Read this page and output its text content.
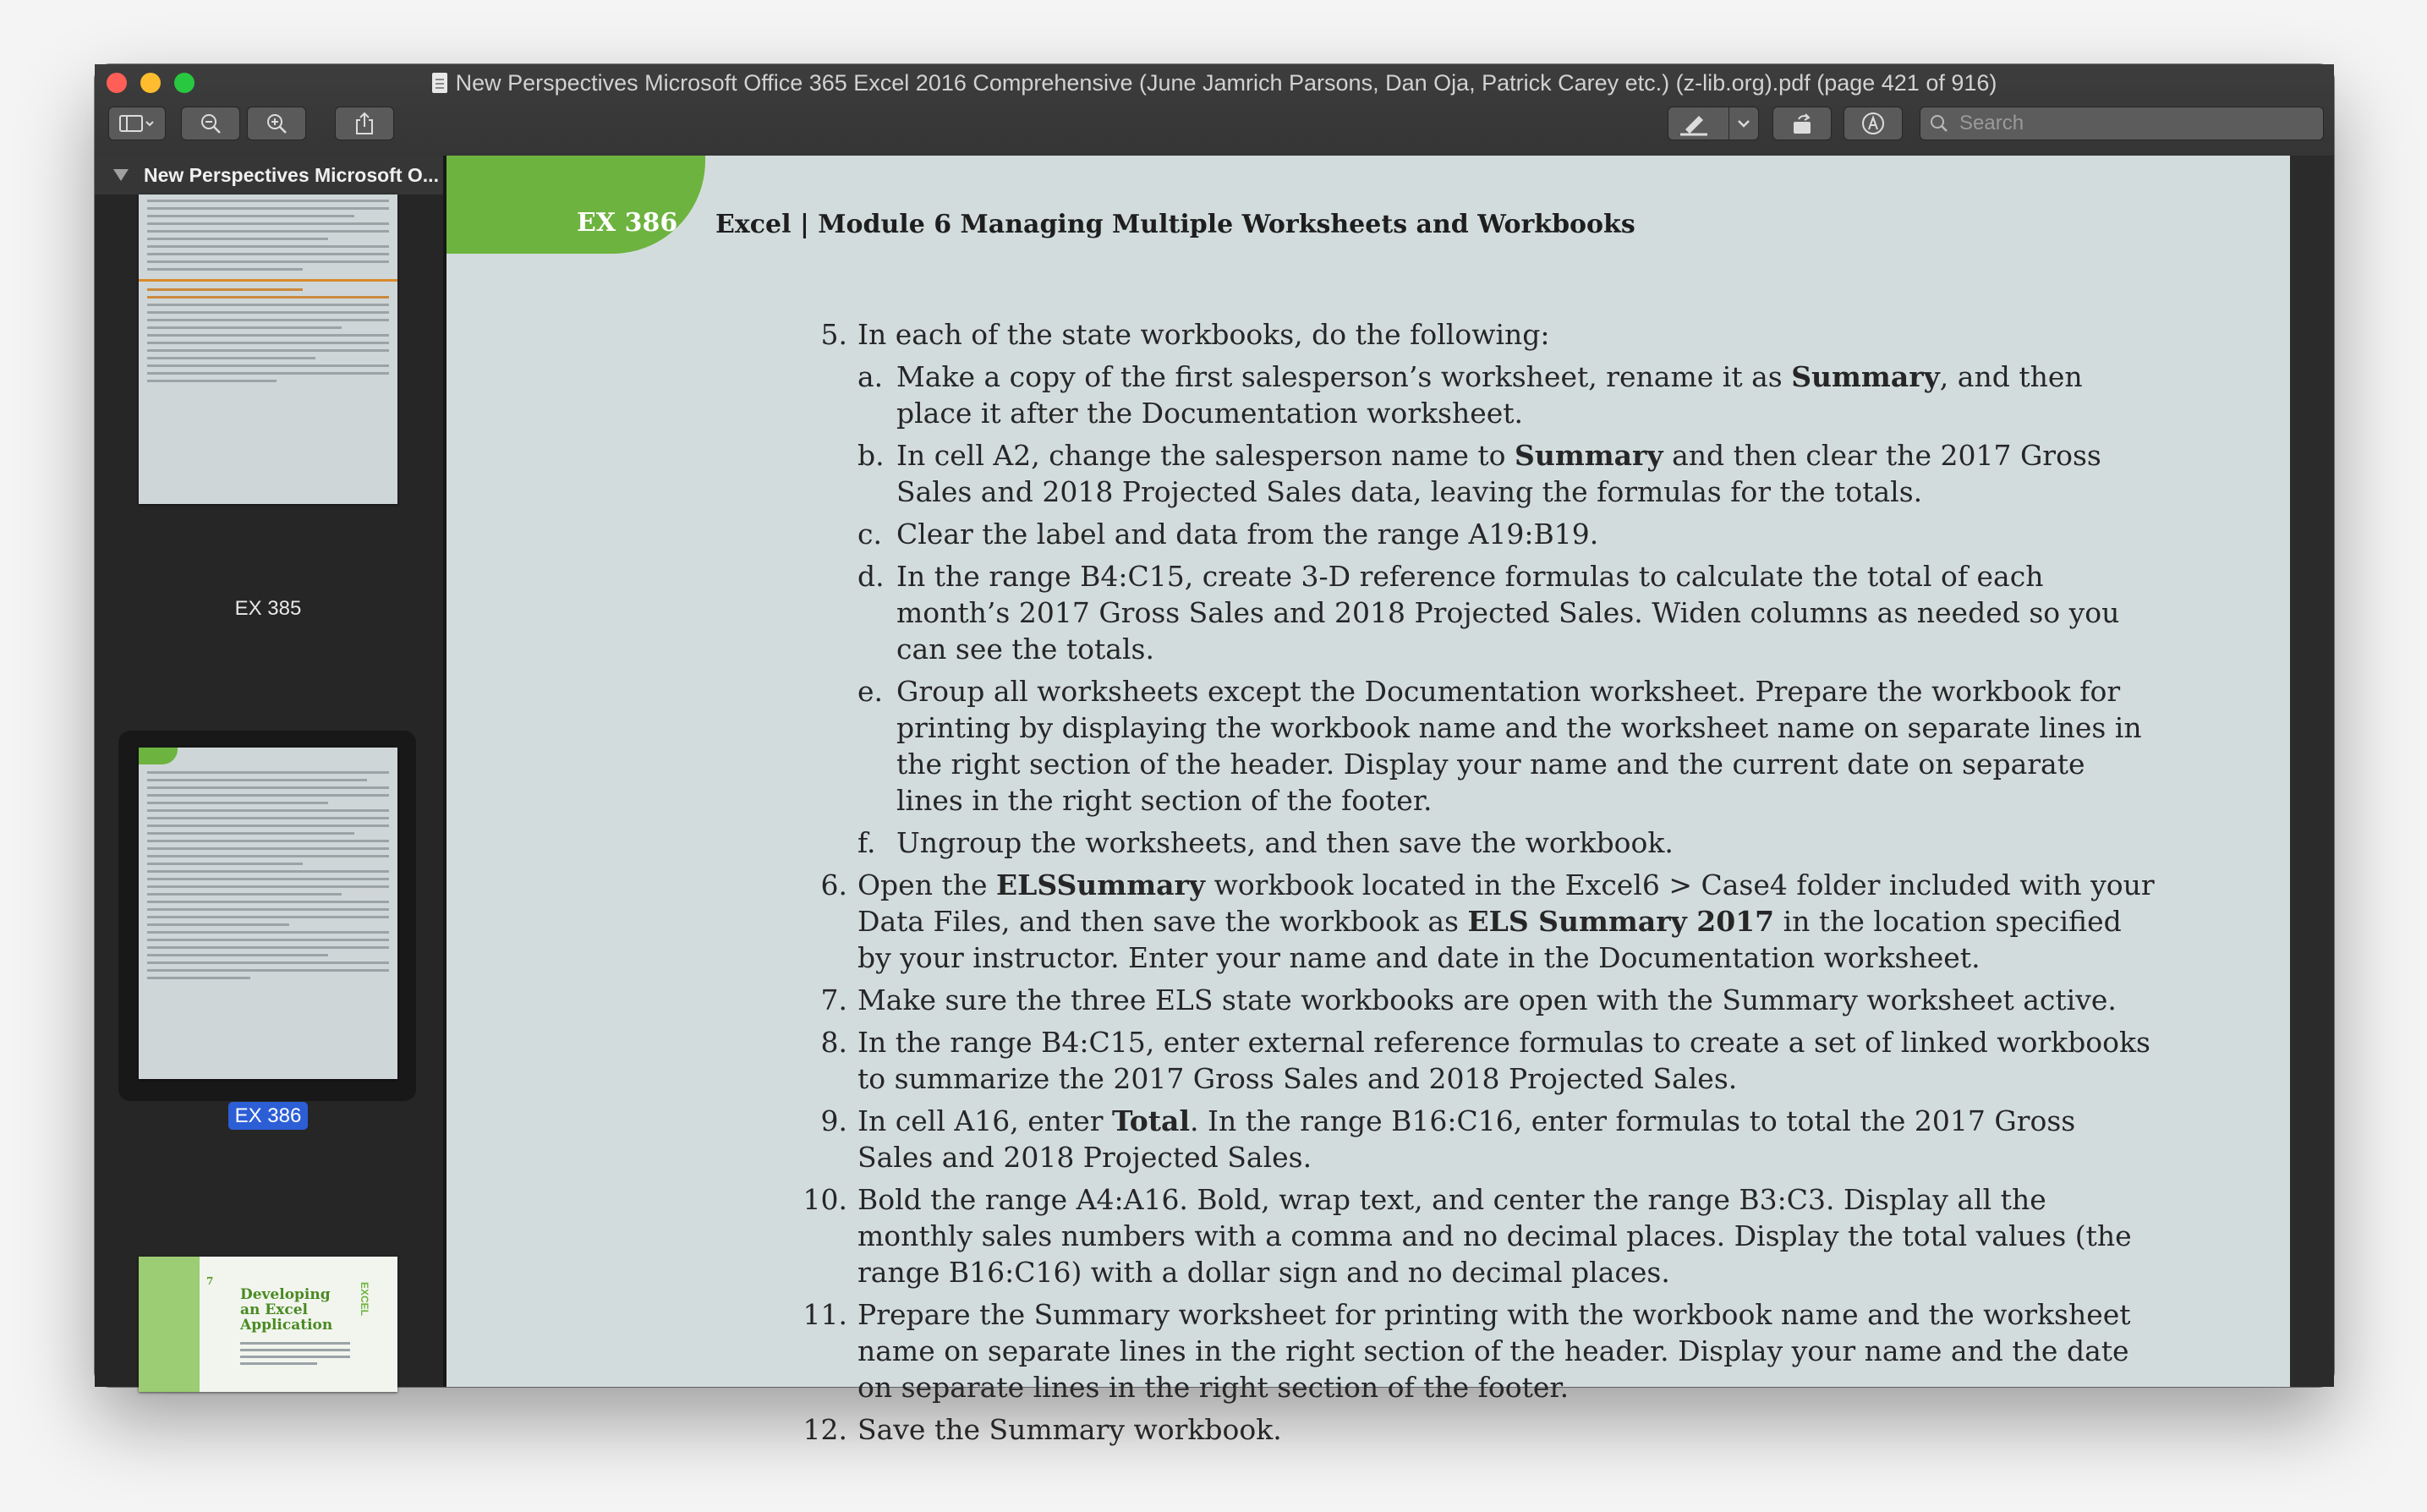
New Perspectives Microsoft Office 365 Excel 2016 Comprehensive (June Jamrich Parsons, Dan Oja, Patrick Carey etc.) (z-lib.org).pdf (page 421 of 916)
Search
New Perspectives Microsoft O...
EX 385
EX 386
7
Developing an Excel Application
EXCEL
EX 386 Excel | Module 6 Managing Multiple Worksheets and Workbooks
5. In each of the state workbooks, do the following:
a. Make a copy of the first salesperson’s worksheet, rename it as Summary, and then place it after the Documentation worksheet.
b. In cell A2, change the salesperson name to Summary and then clear the 2017 Gross Sales and 2018 Projected Sales data, leaving the formulas for the totals.
c. Clear the label and data from the range A19:B19.
d. In the range B4:C15, create 3-D reference formulas to calculate the total of each month’s 2017 Gross Sales and 2018 Projected Sales. Widen columns as needed so you can see the totals.
e. Group all worksheets except the Documentation worksheet. Prepare the workbook for printing by displaying the workbook name and the worksheet name on separate lines in the right section of the header. Display your name and the current date on separate lines in the right section of the footer.
f. Ungroup the worksheets, and then save the workbook.
6. Open the ELSSummary workbook located in the Excel6 > Case4 folder included with your Data Files, and then save the workbook as ELS Summary 2017 in the location specified by your instructor. Enter your name and date in the Documentation worksheet.
7. Make sure the three ELS state workbooks are open with the Summary worksheet active.
8. In the range B4:C15, enter external reference formulas to create a set of linked workbooks to summarize the 2017 Gross Sales and 2018 Projected Sales.
9. In cell A16, enter Total. In the range B16:C16, enter formulas to total the 2017 Gross Sales and 2018 Projected Sales.
10. Bold the range A4:A16. Bold, wrap text, and center the range B3:C3. Display all the monthly sales numbers with a comma and no decimal places. Display the total values (the range B16:C16) with a dollar sign and no decimal places.
11. Prepare the Summary worksheet for printing with the workbook name and the worksheet name on separate lines in the right section of the header. Display your name and the date on separate lines in the right section of the footer.
12. Save the Summary workbook.
